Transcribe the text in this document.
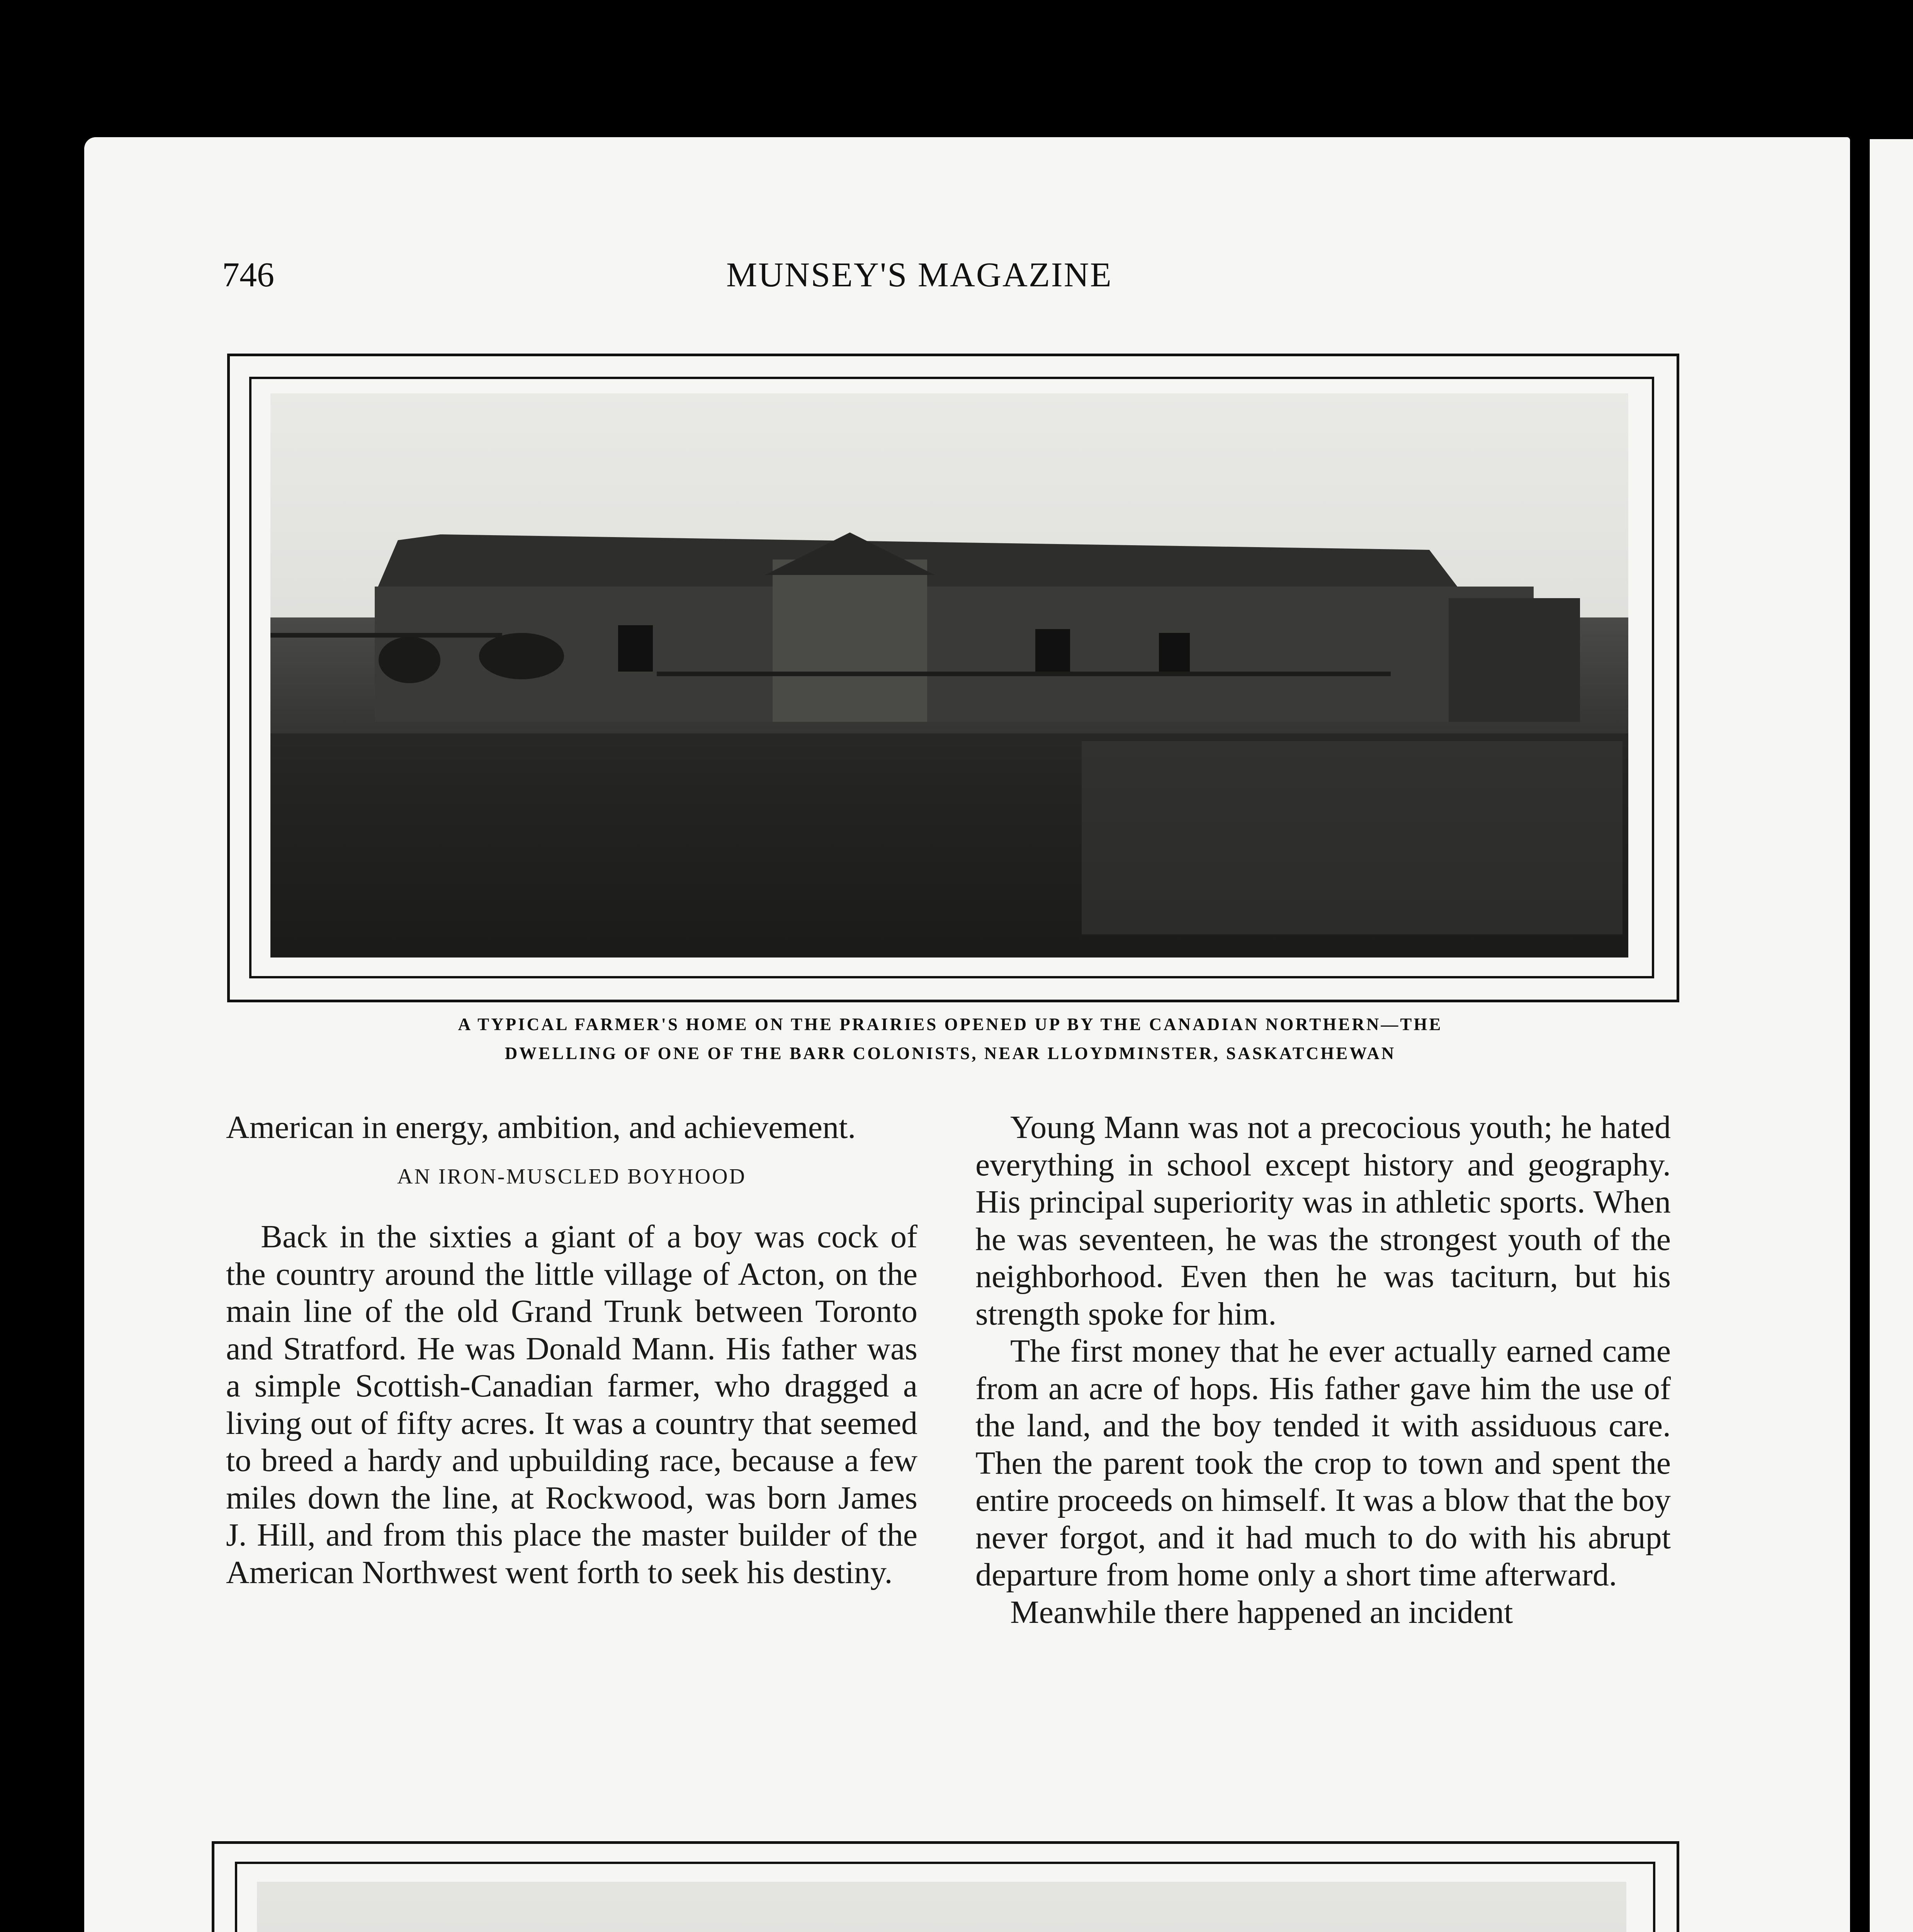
746	MUNSEY'S MAGAZINE
A TYPICAL FARMER'S HOME ON THE PRAIRIES OPENED UP BY THE CANADIAN NORTHERN—THE
DWELLING OF ONE OF THE BARR COLONISTS, NEAR LLOYDMINSTER, SASKATCHEWAN

American in energy, ambition, and achievement.

AN IRON-MUSCLED BOYHOOD

Back in the sixties a giant of a boy was cock of the country around the little village of Acton, on the main line of the old Grand Trunk between Toronto and Stratford. He was Donald Mann. His father was a simple Scottish-Canadian farmer, who dragged a living out of fifty acres. It was a country that seemed to breed a hardy and upbuilding race, because a few miles down the line, at Rockwood, was born James J. Hill, and from this place the master builder of the American Northwest went forth to seek his destiny.

Young Mann was not a precocious youth; he hated everything in school except history and geography. His principal superiority was in athletic sports. When he was seventeen, he was the strongest youth of the neighborhood. Even then he was taciturn, but his strength spoke for him.

The first money that he ever actually earned came from an acre of hops. His father gave him the use of the land, and the boy tended it with assiduous care. Then the parent took the crop to town and spent the entire proceeds on himself. It was a blow that the boy never forgot, and it had much to do with his abrupt departure from home only a short time afterward.

Meanwhile there happened an incident
